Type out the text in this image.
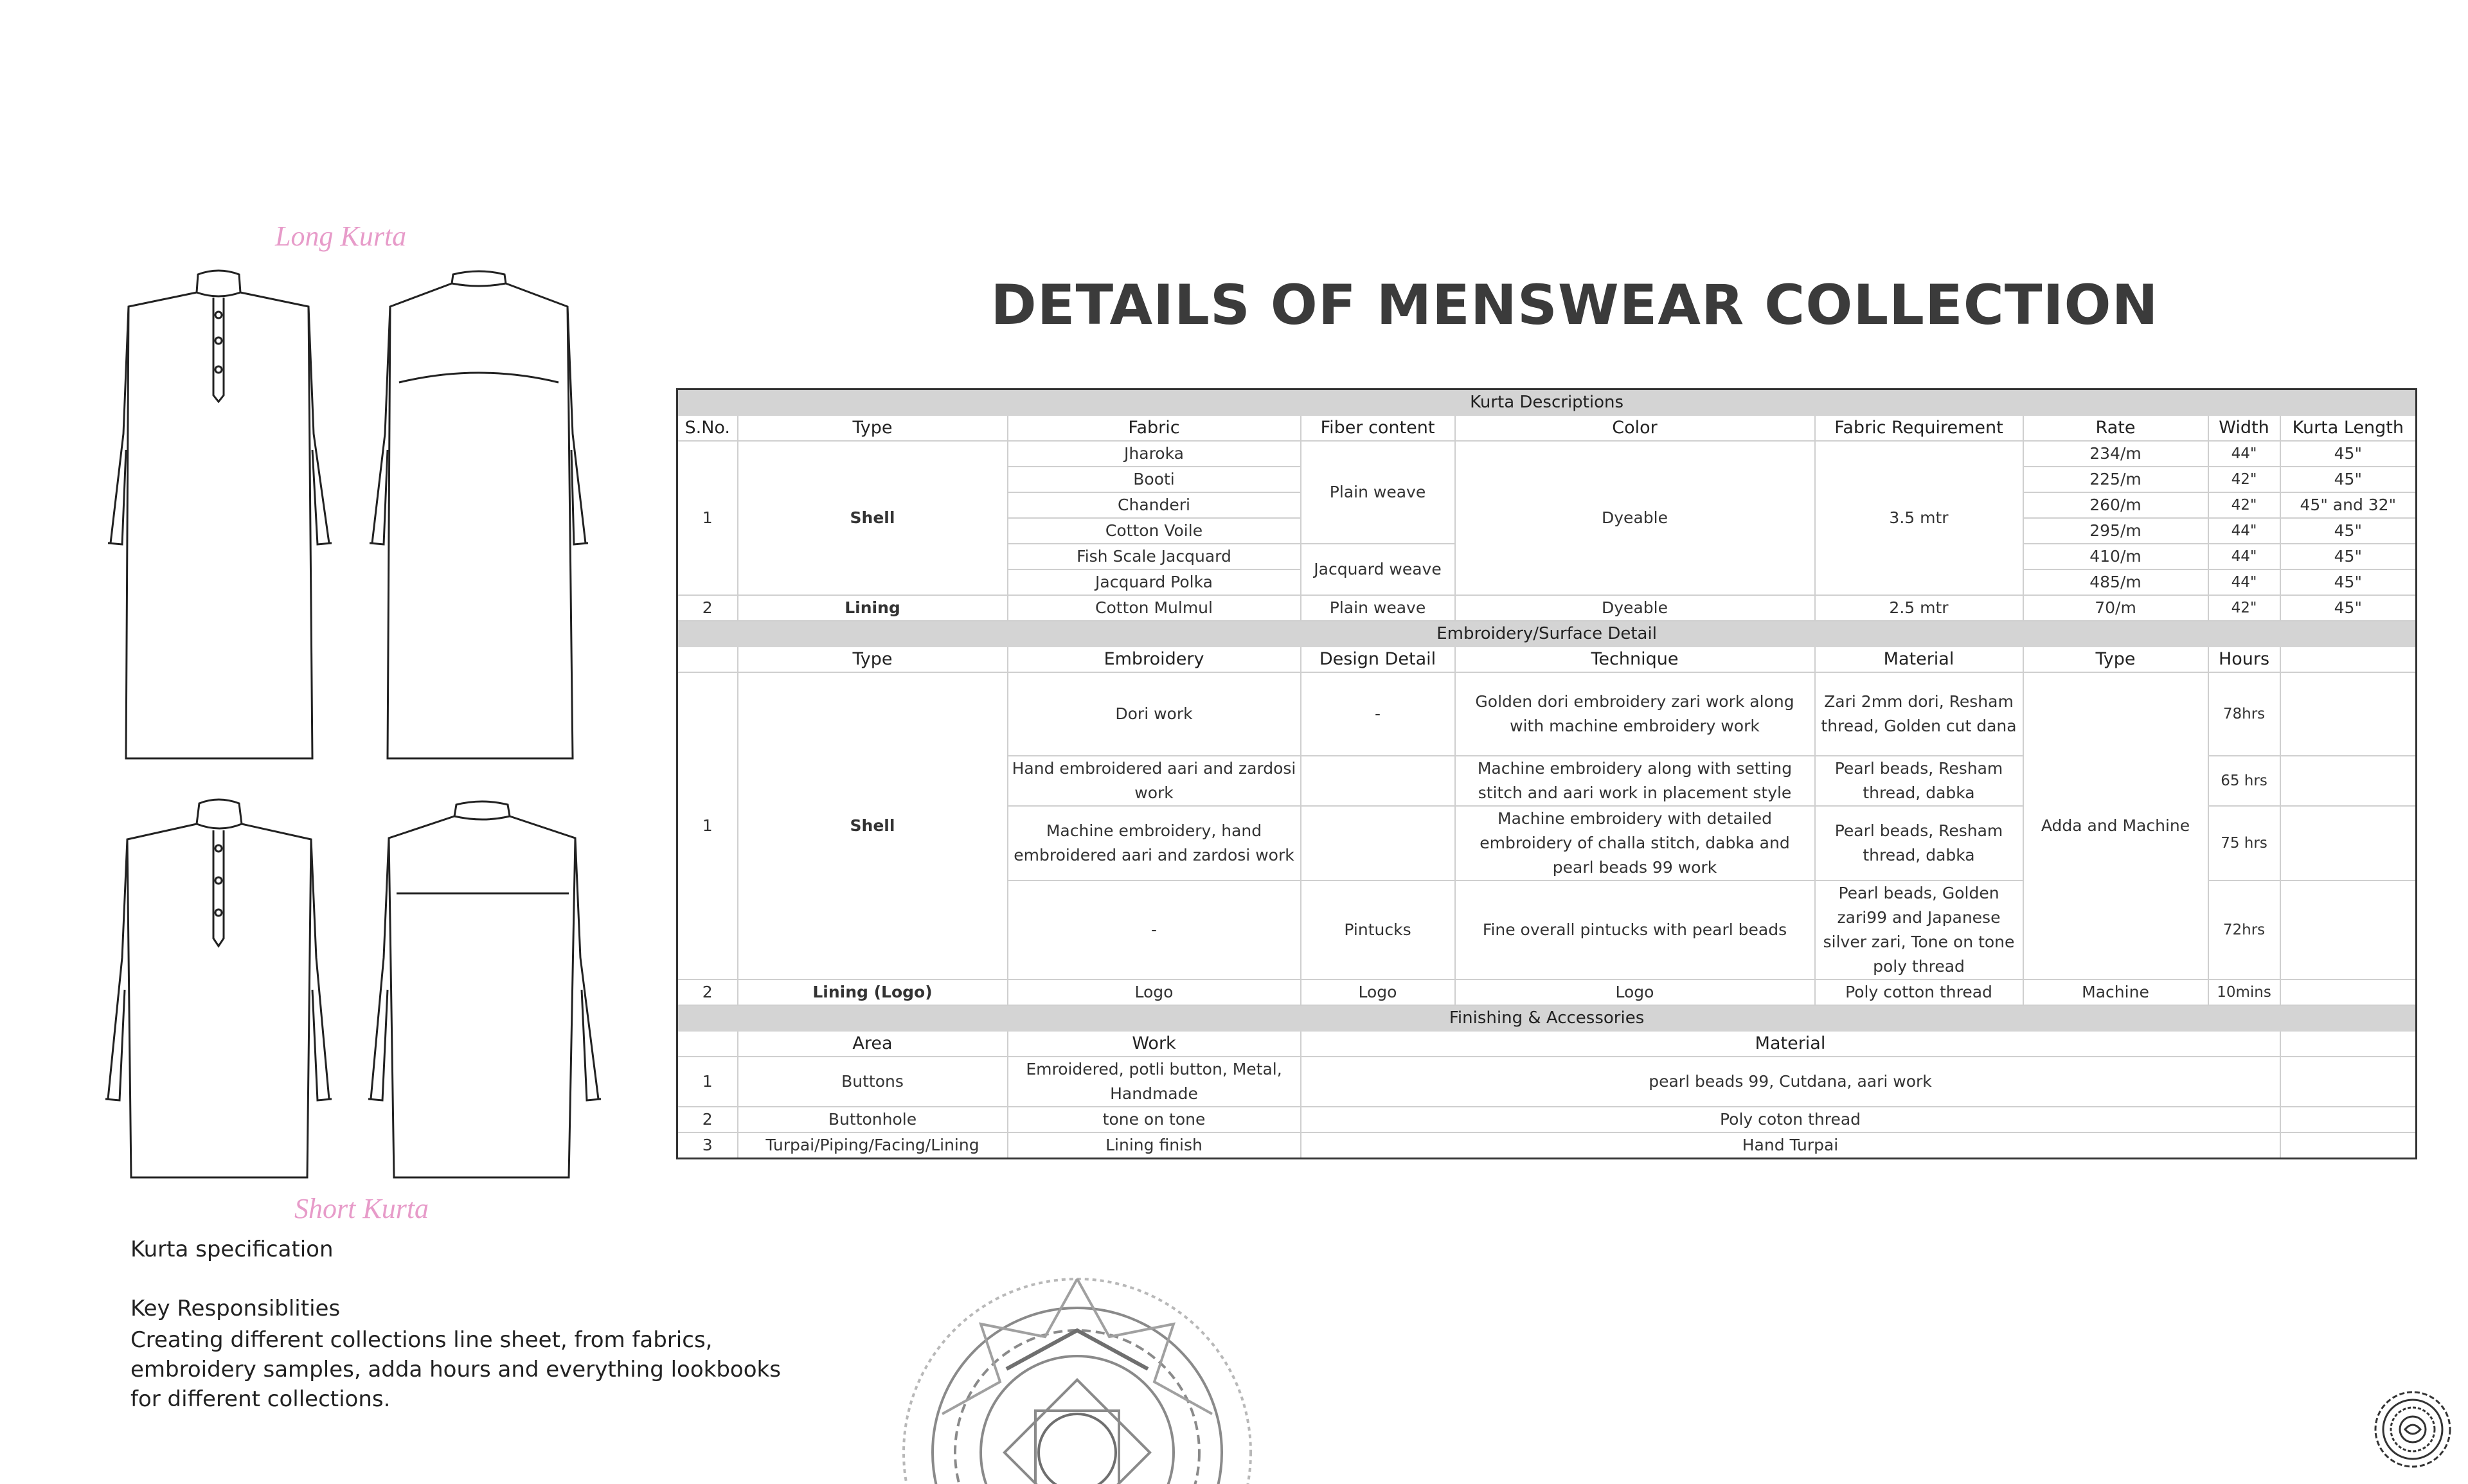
Long Kurta
Short Kurta
DETAILS OF MENSWEAR COLLECTION
Kurta Descriptions								
S.No.	Type	Fabric	Fiber content	Color	Fabric Requirement	Rate	Width	Kurta Length
1	Shell	Jharoka	Plain weave	Dyeable	3.5 mtr	234/m	44"	45"
		Booti				225/m	42"	45"
		Chanderi				260/m	42"	45" and 32"
		Cotton Voile				295/m	44"	45"
		Fish Scale Jacquard	Jacquard weave			410/m	44"	45"
		Jacquard Polka				485/m	44"	45"
2	Lining	Cotton Mulmul	Plain weave	Dyeable	2.5 mtr	70/m	42"	45"
Embroidery/Surface Detail								
	Type	Embroidery	Design Detail	Technique	Material	Type	Hours	
1	Shell	Dori work	-	Golden dori embroidery zari work along with machine embroidery work	Zari 2mm dori, Resham thread, Golden cut dana	Adda and Machine	78hrs	
		Hand embroidered aari and zardosi work		Machine embroidery along with setting stitch and aari work in placement style	Pearl beads, Resham thread, dabka		65 hrs	
		Machine embroidery, hand embroidered aari and zardosi work		Machine embroidery with detailed embroidery of challa stitch, dabka and pearl beads 99 work	Pearl beads, Resham thread, dabka		75 hrs	
		-	Pintucks	Fine overall pintucks with pearl beads	Pearl beads, Golden zari99 and Japanese silver zari, Tone on tone poly thread		72hrs	
2	Lining (Logo)	Logo	Logo	Logo	Poly cotton thread	Machine	10mins	
Finishing & Accessories								
	Area	Work	Material					
1	Buttons	Emroidered, potli button, Metal, Handmade	pearl beads 99, Cutdana, aari work					
2	Buttonhole	tone on tone	Poly coton thread					
3	Turpai/Piping/Facing/Lining	Lining finish	Hand Turpai					
Kurta specification
Key Responsiblities
Creating different collections line sheet, from fabrics, embroidery samples, adda hours and everything lookbooks for different collections.
